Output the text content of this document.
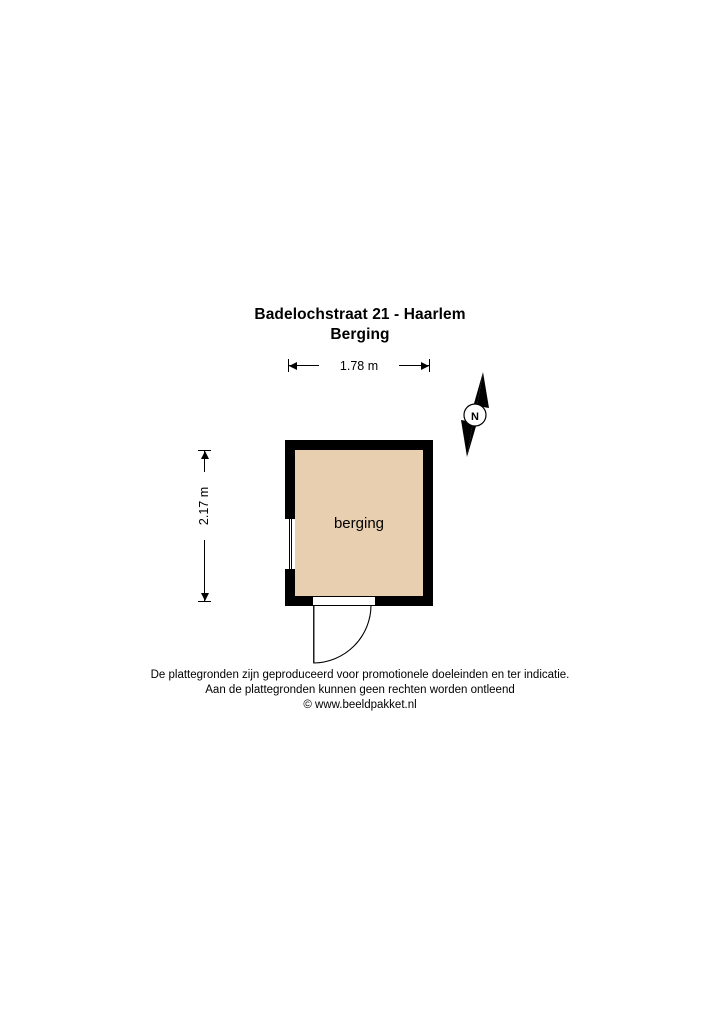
Badelochstraat 21 - Haarlem
Berging
1.78 m
2.17 m
N
berging
De plattegronden zijn geproduceerd voor promotionele doeleinden en ter indicatie.
Aan de plattegronden kunnen geen rechten worden ontleend
© www.beeldpakket.nl
